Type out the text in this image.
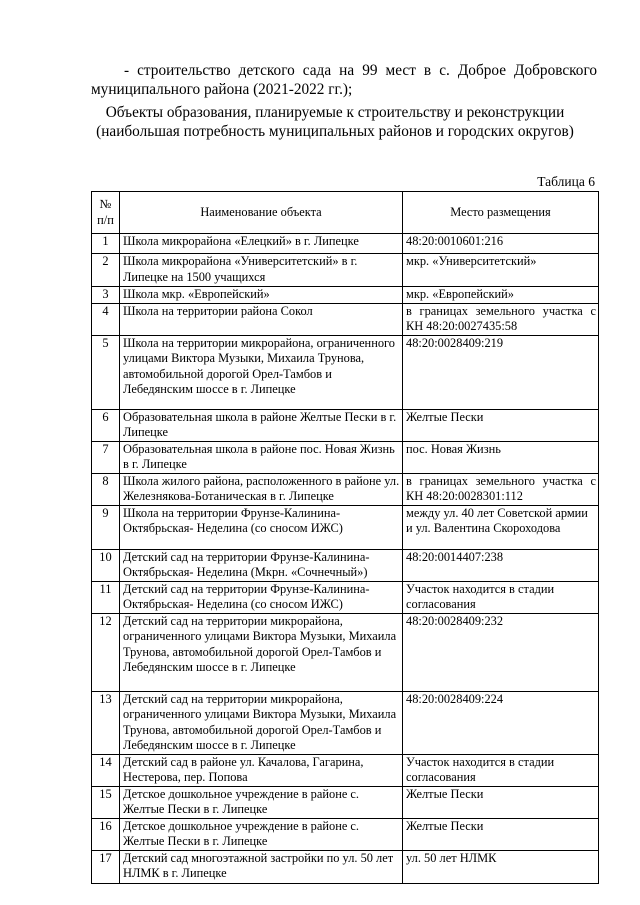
- строительство детского сада на 99 мест в с. Доброе Добровского муниципального района (2021-2022 гг.);

Объекты образования, планируемые к строительству и реконструкции (наибольшая потребность муниципальных районов и городских округов)
Таблица 6
№ п/п	Наименование объекта	Место размещения
1	Школа микрорайона «Елецкий» в г. Липецке	48:20:0010601:216
2	Школа микрорайона «Университетский» в г. Липецке на 1500 учащихся	мкр. «Университетский»
3	Школа мкр. «Европейский»	мкр. «Европейский»
4	Школа на территории района Сокол	в границах земельного участка с КН 48:20:0027435:58
5	Школа на территории микрорайона, ограниченного улицами Виктора Музыки, Михаила Трунова, автомобильной дорогой Орел-Тамбов и Лебедянским шоссе в г. Липецке	48:20:0028409:219
6	Образовательная школа в районе Желтые Пески в г. Липецке	Желтые Пески
7	Образовательная школа в районе пос. Новая Жизнь в г. Липецке	пос. Новая Жизнь
8	Школа жилого района, расположенного в районе ул. Железнякова-Ботаническая в г. Липецке	в границах земельного участка с КН 48:20:0028301:112
9	Школа на территории Фрунзе-Калинина-Октябрьская- Неделина (со сносом ИЖС)	между ул. 40 лет Советской армии и ул. Валентина Скороходова
10	Детский сад на территории Фрунзе-Калинина-Октябрьская- Неделина (Мкрн. «Сочнечный»)	48:20:0014407:238
11	Детский сад на территории Фрунзе-Калинина-Октябрьская- Неделина (со сносом ИЖС)	Участок находится в стадии согласования
12	Детский сад на территории микрорайона, ограниченного улицами Виктора Музыки, Михаила Трунова, автомобильной дорогой Орел-Тамбов и Лебедянским шоссе в г. Липецке	48:20:0028409:232
13	Детский сад на территории микрорайона, ограниченного улицами Виктора Музыки, Михаила Трунова, автомобильной дорогой Орел-Тамбов и Лебедянским шоссе в г. Липецке	48:20:0028409:224
14	Детский сад в районе ул. Качалова, Гагарина, Нестерова, пер. Попова	Участок находится в стадии согласования
15	Детское дошкольное учреждение в районе с. Желтые Пески в г. Липецке	Желтые Пески
16	Детское дошкольное учреждение в районе с. Желтые Пески в г. Липецке	Желтые Пески
17	Детский сад многоэтажной застройки по ул. 50 лет НЛМК в г. Липецке	ул. 50 лет НЛМК
